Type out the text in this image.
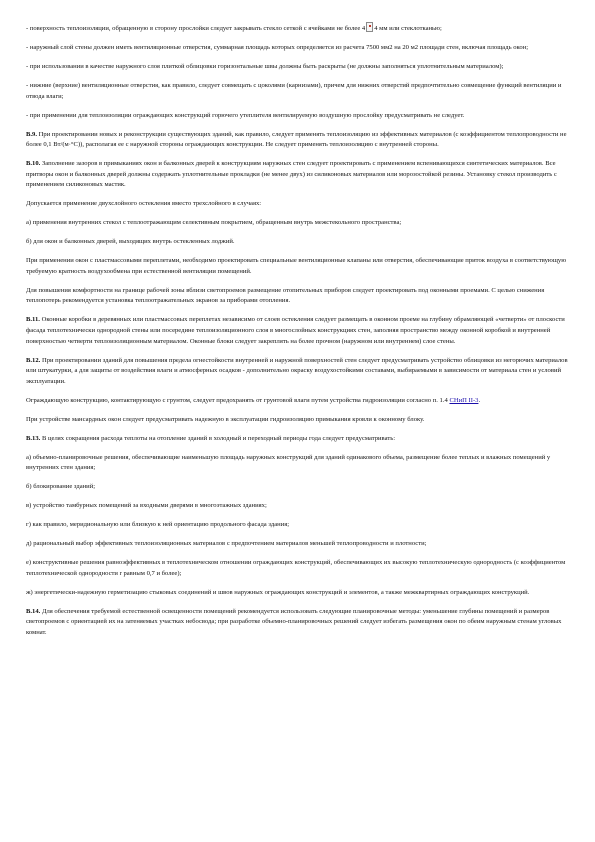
- поверхность теплоизоляции, обращенную в сторону прослойки следует закрывать стекло сеткой с ячейками не более 4 4 мм или стеклотканью;

- наружный слой стены должен иметь вентиляционные отверстия, суммарная площадь которых определяется из расчета 7500 мм2 на 20 м2 площади стен, включая площадь окон;

- при использовании в качестве наружного слоя плиткой облицовки горизонтальные швы должны быть раскрыты (не должны заполняться уплотнительным материалом);

- нижние (верхние) вентиляционные отверстия, как правило, следует совмещать с цоколями (карнизами), причем для нижних отверстий предпочтительно совмещение функций вентиляции и отвода влаги;

- при применении для теплоизоляции ограждающих конструкций горючего утеплителя вентилируемую воздушную прослойку предусматривать не следует.

В.9. При проектировании новых и реконструкции существующих зданий, как правило, следует применять теплоизоляцию из эффективных материалов (с коэффициентом теплопроводности не более 0,1 Вт/(м·°С)), располагая ее с наружной стороны ограждающих конструкции. Не следует применять теплоизоляцию с внутренней стороны.

В.10. Заполнение зазоров в примыканиях окон и балконных дверей к конструкциям наружных стен следует проектировать с применением вспенивающихся синтетических материалов. Все притворы окон и балконных дверей должны содержать уплотнительные прокладки (не менее двух) из силиконовых материалов или морозостойкой резины. Установку стекол производить с применением силиконовых мастик.

Допускается применение двухслойного остекления вместо трехслойного в случаях:

а) применения внутренних стекол с теплоотражающим селективным покрытием, обращенным внутрь межстекольного пространства;

б) для окон и балконных дверей, выходящих внутрь остекленных лоджий.

При применении окон с пластмассовыми переплетами, необходимо проектировать специальные вентиляционные клапаны или отверстия, обеспечивающие приток воздуха в соответствующую требуемую кратность воздухообмена при естественной вентиляции помещений.

Для повышения комфортности на границе рабочей зоны вблизи светопроемов размещение отопительных приборов следует проектировать под оконными проемами. С целью снижения теплопотерь рекомендуется установка теплоотражательных экранов за приборами отопления.

В.11. Оконные коробки в деревянных или пластмассовых переплетах независимо от слоев остекления следует размещать в оконном проеме на глубину обрамляющей «четверти» от плоскости фасада теплотехнически однородной стены или посередине теплоизоляционного слоя в многослойных конструкциях стен, заполняя пространство между оконной коробкой и внутренней поверхностью четверти теплоизоляционным материалом. Оконные блоки следует закреплять на более прочном (наружном или внутреннем) слое стены.

В.12. При проектировании зданий для повышения предела огнестойкости внутренней и наружной поверхностей стен следует предусматривать устройство облицовки из негорючих материалов или штукатурки, а для защиты от воздействия влаги и атмосферных осадков - дополнительно окраску воздухостойкими составами, выбираемыми в зависимости от материала стен и условий эксплуатации.

Ограждающую конструкцию, контактирующую с грунтом, следует предохранять от грунтовой влаги путем устройства гидроизоляции согласно п. 1.4 СНиП II-3.

При устройстве мансардных окон следует предусматривать надежную в эксплуатации гидроизоляцию примыкания кровли к оконному блоку.

В.13. В целях сокращения расхода теплоты на отопление зданий в холодный и переходный периоды года следует предусматривать:

а) объемно-планировочные решения, обеспечивающие наименьшую площадь наружных конструкций для зданий одинакового объема, размещение более теплых и влажных помещений у внутренних стен здания;

б) блокирование зданий;

в) устройство тамбурных помещений за входными дверями в многоэтажных зданиях;

г) как правило, меридиональную или близкую к ней ориентацию продольного фасада здания;

д) рациональный выбор эффективных теплоизоляционных материалов с предпочтением материалов меньшей теплопроводности и плотности;

е) конструктивные решения равноэффективных в теплотехническом отношении ограждающих конструкций, обеспечивающих их высокую теплотехническую однородность (с коэффициентом теплотехнической однородности r равным 0,7 и более);

ж) энергетически-надежную герметизацию стыковых соединений и швов наружных ограждающих конструкций и элементов, а также межквартирных ограждающих конструкций.

В.14. Для обеспечения требуемой естественной освещенности помещений рекомендуется использовать следующие планировочные методы: уменьшение глубины помещений и размеров светопроемов с ориентацией их на затеняемых участках небосвода; при разработке объемно-планировочных решений следует избегать размещения окон по обеим наружным стенам угловых комнат.
